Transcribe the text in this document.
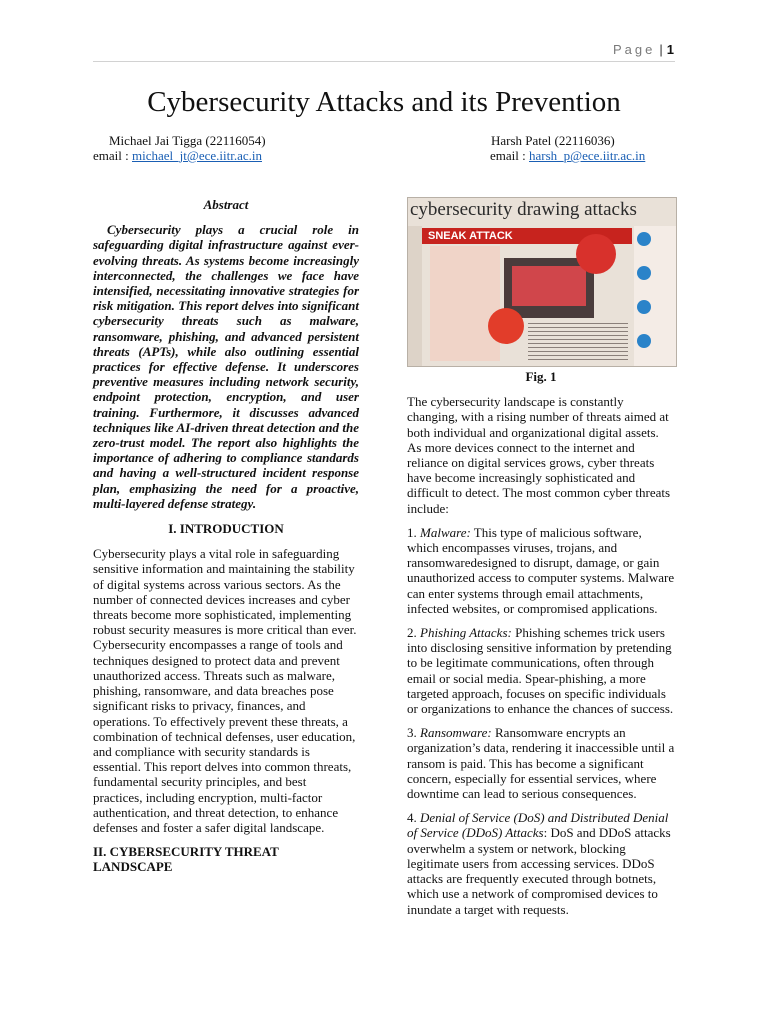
Page | 1
Cybersecurity Attacks and its Prevention
Michael Jai Tigga (22116054)
email : michael_jt@ece.iitr.ac.in
Harsh Patel (22116036)
email : harsh_p@ece.iitr.ac.in

Abstract

Cybersecurity plays a crucial role in safeguarding digital infrastructure against ever-evolving threats. As systems become increasingly interconnected, the challenges we face have intensified, necessitating innovative strategies for risk mitigation. This report delves into significant cybersecurity threats such as malware, ransomware, phishing, and advanced persistent threats (APTs), while also outlining essential practices for effective defense. It underscores preventive measures including network security, endpoint protection, encryption, and user training. Furthermore, it discusses advanced techniques like AI-driven threat detection and the zero-trust model. The report also highlights the importance of adhering to compliance standards and having a well-structured incident response plan, emphasizing the need for a proactive, multi-layered defense strategy.

I. INTRODUCTION

Cybersecurity plays a vital role in safeguarding sensitive information and maintaining the stability of digital systems across various sectors. As the number of connected devices increases and cyber threats become more sophisticated, implementing robust security measures is more critical than ever. Cybersecurity encompasses a range of tools and techniques designed to protect data and prevent unauthorized access. Threats such as malware, phishing, ransomware, and data breaches pose significant risks to privacy, finances, and operations. To effectively prevent these threats, a combination of technical defenses, user education, and compliance with security standards is essential. This report delves into common threats, fundamental security principles, and best practices, including encryption, multi-factor authentication, and threat detection, to enhance defenses and foster a safer digital landscape.

II. CYBERSECURITY THREAT LANDSCAPE

cybersecurity drawing attacks
SNEAK ATTACK

Fig. 1

The cybersecurity landscape is constantly changing, with a rising number of threats aimed at both individual and organizational digital assets. As more devices connect to the internet and reliance on digital services grows, cyber threats have become increasingly sophisticated and difficult to detect. The most common cyber threats include:

1. Malware: This type of malicious software, which encompasses viruses, trojans, and ransomwaredesigned to disrupt, damage, or gain unauthorized access to computer systems. Malware can enter systems through email attachments, infected websites, or compromised applications.

2. Phishing Attacks: Phishing schemes trick users into disclosing sensitive information by pretending to be legitimate communications, often through email or social media. Spear-phishing, a more targeted approach, focuses on specific individuals or organizations to enhance the chances of success.

3. Ransomware: Ransomware encrypts an organization’s data, rendering it inaccessible until a ransom is paid. This has become a significant concern, especially for essential services, where downtime can lead to serious consequences.

4. Denial of Service (DoS) and Distributed Denial of Service (DDoS) Attacks: DoS and DDoS attacks overwhelm a system or network, blocking legitimate users from accessing services. DDoS attacks are frequently executed through botnets, which use a network of compromised devices to inundate a target with requests.
